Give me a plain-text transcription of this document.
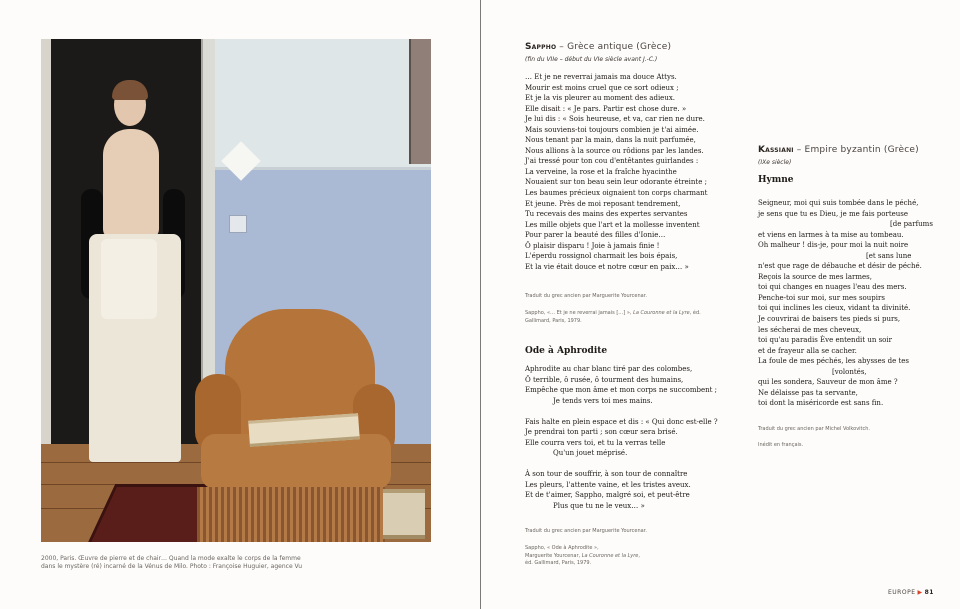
2000, Paris. Œuvre de pierre et de chair… Quand la mode exalte le corps de la femme
dans le mystère (ré) incarné de la Vénus de Milo. Photo : Françoise Huguier, agence Vu
Sappho – Grèce antique (Grèce)
(fin du VIIe – début du VIe siècle avant J.-C.)
… Et je ne reverrai jamais ma douce Attys.
Mourir est moins cruel que ce sort odieux ;
Et je la vis pleurer au moment des adieux.
Elle disait : « Je pars. Partir est chose dure. »
Je lui dis : « Sois heureuse, et va, car rien ne dure.
Mais souviens-toi toujours combien je t'ai aimée.
Nous tenant par la main, dans la nuit parfumée,
Nous allions à la source ou rôdions par les landes.
J'ai tressé pour ton cou d'entêtantes guirlandes :
La verveine, la rose et la fraîche hyacinthe
Nouaient sur ton beau sein leur odorante étreinte ;
Les baumes précieux oignaient ton corps charmant
Et jeune. Près de moi reposant tendrement,
Tu recevais des mains des expertes servantes
Les mille objets que l'art et la mollesse inventent
Pour parer la beauté des filles d'Ionie…
Ô plaisir disparu ! Joie à jamais finie !
L'éperdu rossignol charmait les bois épais,
Et la vie était douce et notre cœur en paix… »
Traduit du grec ancien par Marguerite Yourcenar.
Sappho, «… Et je ne reverrai jamais […] », La Couronne et la Lyre, éd. Gallimard, Paris, 1979.
Ode à Aphrodite
Aphrodite au char blanc tiré par des colombes,
Ô terrible, ô rusée, ô tourment des humains,
Empêche que mon âme et mon corps ne succombent ;
Je tends vers toi mes mains.
Fais halte en plein espace et dis : « Qui donc est-elle ?
Je prendrai ton parti ; son cœur sera brisé.
Elle courra vers toi, et tu la verras telle
Qu'un jouet méprisé.
À son tour de souffrir, à son tour de connaître
Les pleurs, l'attente vaine, et les tristes aveux.
Et de t'aimer, Sappho, malgré soi, et peut-être
Plus que tu ne le veux… »
Traduit du grec ancien par Marguerite Yourcenar.
Sappho, « Ode à Aphrodite »,
Marguerite Yourcenar, La Couronne et la Lyre,
éd. Gallimard, Paris, 1979.
Kassiani – Empire byzantin (Grèce)
(IXe siècle)
Hymne
Seigneur, moi qui suis tombée dans le péché,
je sens que tu es Dieu, je me fais porteuse
[de parfums
et viens en larmes à ta mise au tombeau.
Oh malheur ! dis-je, pour moi la nuit noire
[et sans lune
n'est que rage de débauche et désir de péché.
Reçois la source de mes larmes,
toi qui changes en nuages l'eau des mers.
Penche-toi sur moi, sur mes soupirs
toi qui inclines les cieux, vidant ta divinité.
Je couvrirai de baisers tes pieds si purs,
les sécherai de mes cheveux,
toi qu'au paradis Ève entendit un soir
et de frayeur alla se cacher.
La foule de mes péchés, les abysses de tes
[volontés,
qui les sondera, Sauveur de mon âme ?
Ne délaisse pas ta servante,
toi dont la miséricorde est sans fin.
Traduit du grec ancien par Michel Volkovitch.
Inédit en français.
EUROPE ▶ 81
